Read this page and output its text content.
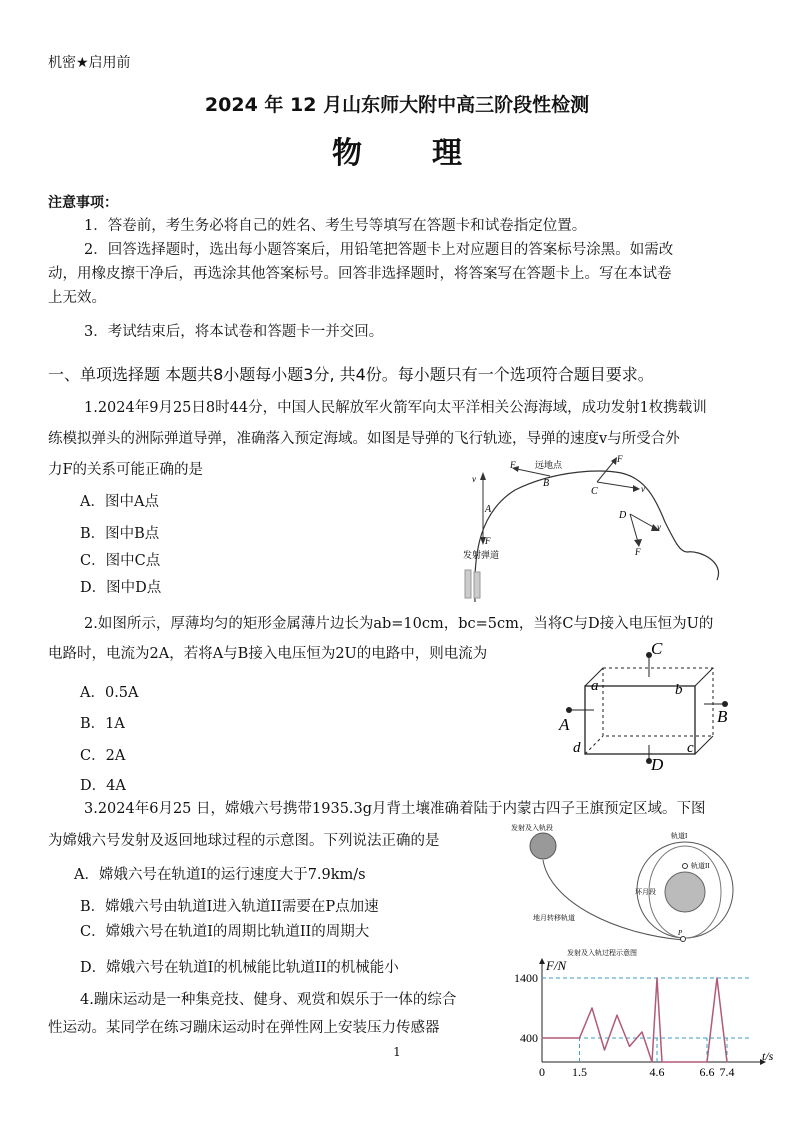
机密★启用前
2024 年 12 月山东师大附中高三阶段性检测
物理
注意事项：
1．答卷前，考生务必将自己的姓名、考生号等填写在答题卡和试卷指定位置。
2．回答选择题时，选出每小题答案后，用铅笔把答题卡上对应题目的答案标号涂黑。如需改
动，用橡皮擦干净后，再选涂其他答案标号。回答非选择题时，将答案写在答题卡上。写在本试卷
上无效。
3．考试结束后，将本试卷和答题卡一并交回。
一、单项选择题 本题共8小题每小题3分, 共4份。每小题只有一个选项符合题目要求。
1.2024年9月25日8时44分，中国人民解放军火箭军向太平洋相关公海海域，成功发射1枚携载训
练模拟弹头的洲际弹道导弹，准确落入预定海域。如图是导弹的飞行轨迹，导弹的速度v与所受合外
力F的关系可能正确的是
A．图中A点
B．图中B点
C．图中C点
D．图中D点
发射弹道
远地点
A
v
F
F
B
C
F
v
D
v
F
2.如图所示，厚薄均匀的矩形金属薄片边长为ab=10cm，bc=5cm，当将C与D接入电压恒为U的
电路时，电流为2A，若将A与B接入电压恒为2U的电路中，则电流为
A．0.5A
B．1A
C．2A
D．4A
C
a	b
A	B
d	c
D
3.2024年6月25 日，嫦娥六号携带1935.3g月背土壤准确着陆于内蒙古四子王旗预定区域。下图
为嫦娥六号发射及返回地球过程的示意图。下列说法正确的是
A．嫦娥六号在轨道I的运行速度大于7.9km/s
B．嫦娥六号由轨道I进入轨道II需要在P点加速
C．嫦娥六号在轨道I的周期比轨道II的周期大
D．嫦娥六号在轨道I的机械能比轨道II的机械能小
发射及入轨段
轨道I
轨道II
地月转移轨道
环月段
P
发射及入轨过程示意图
4.蹦床运动是一种集竞技、健身、观赏和娱乐于一体的综合
性运动。某同学在练习蹦床运动时在弹性网上安装压力传感器
F/N
t/s
1400
400
0 1.5	4.6	6.6 7.4
1
